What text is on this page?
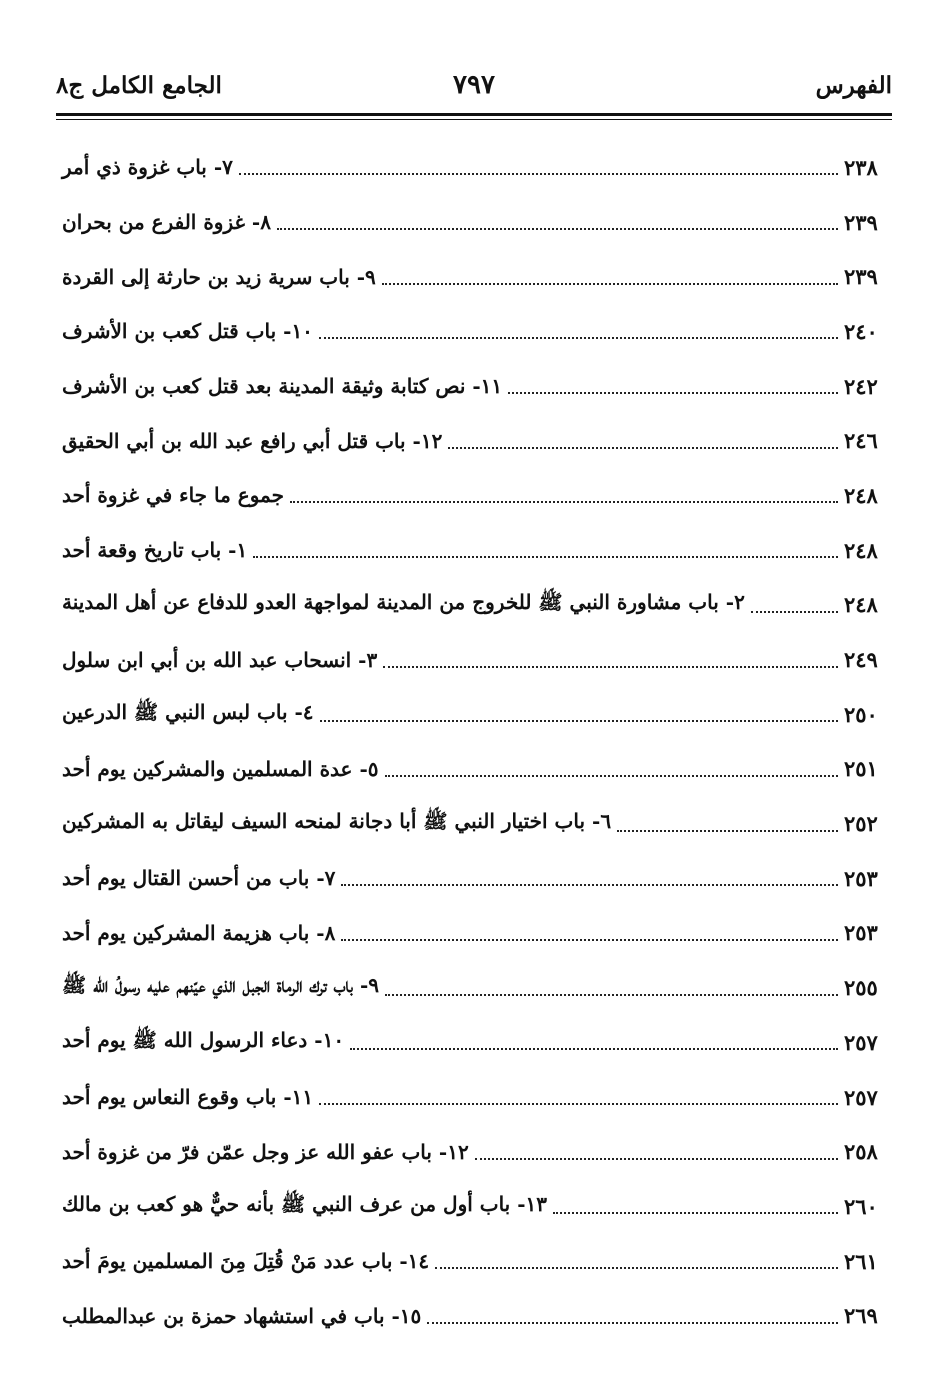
الفهرس
٧٩٧
الجامع الكامل ج٨
٧- باب غزوة ذي أمر	٢٣٨
٨- غزوة الفرع من بحران	٢٣٩
٩- باب سرية زيد بن حارثة إلى القردة	٢٣٩
١٠- باب قتل كعب بن الأشرف	٢٤٠
١١- نص كتابة وثيقة المدينة بعد قتل كعب بن الأشرف	٢٤٢
١٢- باب قتل أبي رافع عبد الله بن أبي الحقيق	٢٤٦
جموع ما جاء في غزوة أحد	٢٤٨
١- باب تاريخ وقعة أحد	٢٤٨
٢- باب مشاورة النبي ﷺ للخروج من المدينة لمواجهة العدو للدفاع عن أهل المدينة	٢٤٨
٣- انسحاب عبد الله بن أبي ابن سلول	٢٤٩
٤- باب لبس النبي ﷺ الدرعين	٢٥٠
٥- عدة المسلمين والمشركين يوم أحد	٢٥١
٦- باب اختيار النبي ﷺ أبا دجانة لمنحه السيف ليقاتل به المشركين	٢٥٢
٧- باب من أحسن القتال يوم أحد	٢٥٣
٨- باب هزيمة المشركين يوم أحد	٢٥٣
٩- باب ترك الرماة الجبل الذي عيّنهم عليه رسولُ الله ﷺ	٢٥٥
١٠- دعاء الرسول الله ﷺ يوم أحد	٢٥٧
١١- باب وقوع النعاس يوم أحد	٢٥٧
١٢- باب عفو الله عز وجل عمّن فرّ من غزوة أحد	٢٥٨
١٣- باب أول من عرف النبي ﷺ بأنه حيٌّ هو كعب بن مالك	٢٦٠
١٤- باب عدد مَنْ قُتِلَ مِنَ المسلمين يومَ أحد	٢٦١
١٥- باب في استشهاد حمزة بن عبدالمطلب	٢٦٩
